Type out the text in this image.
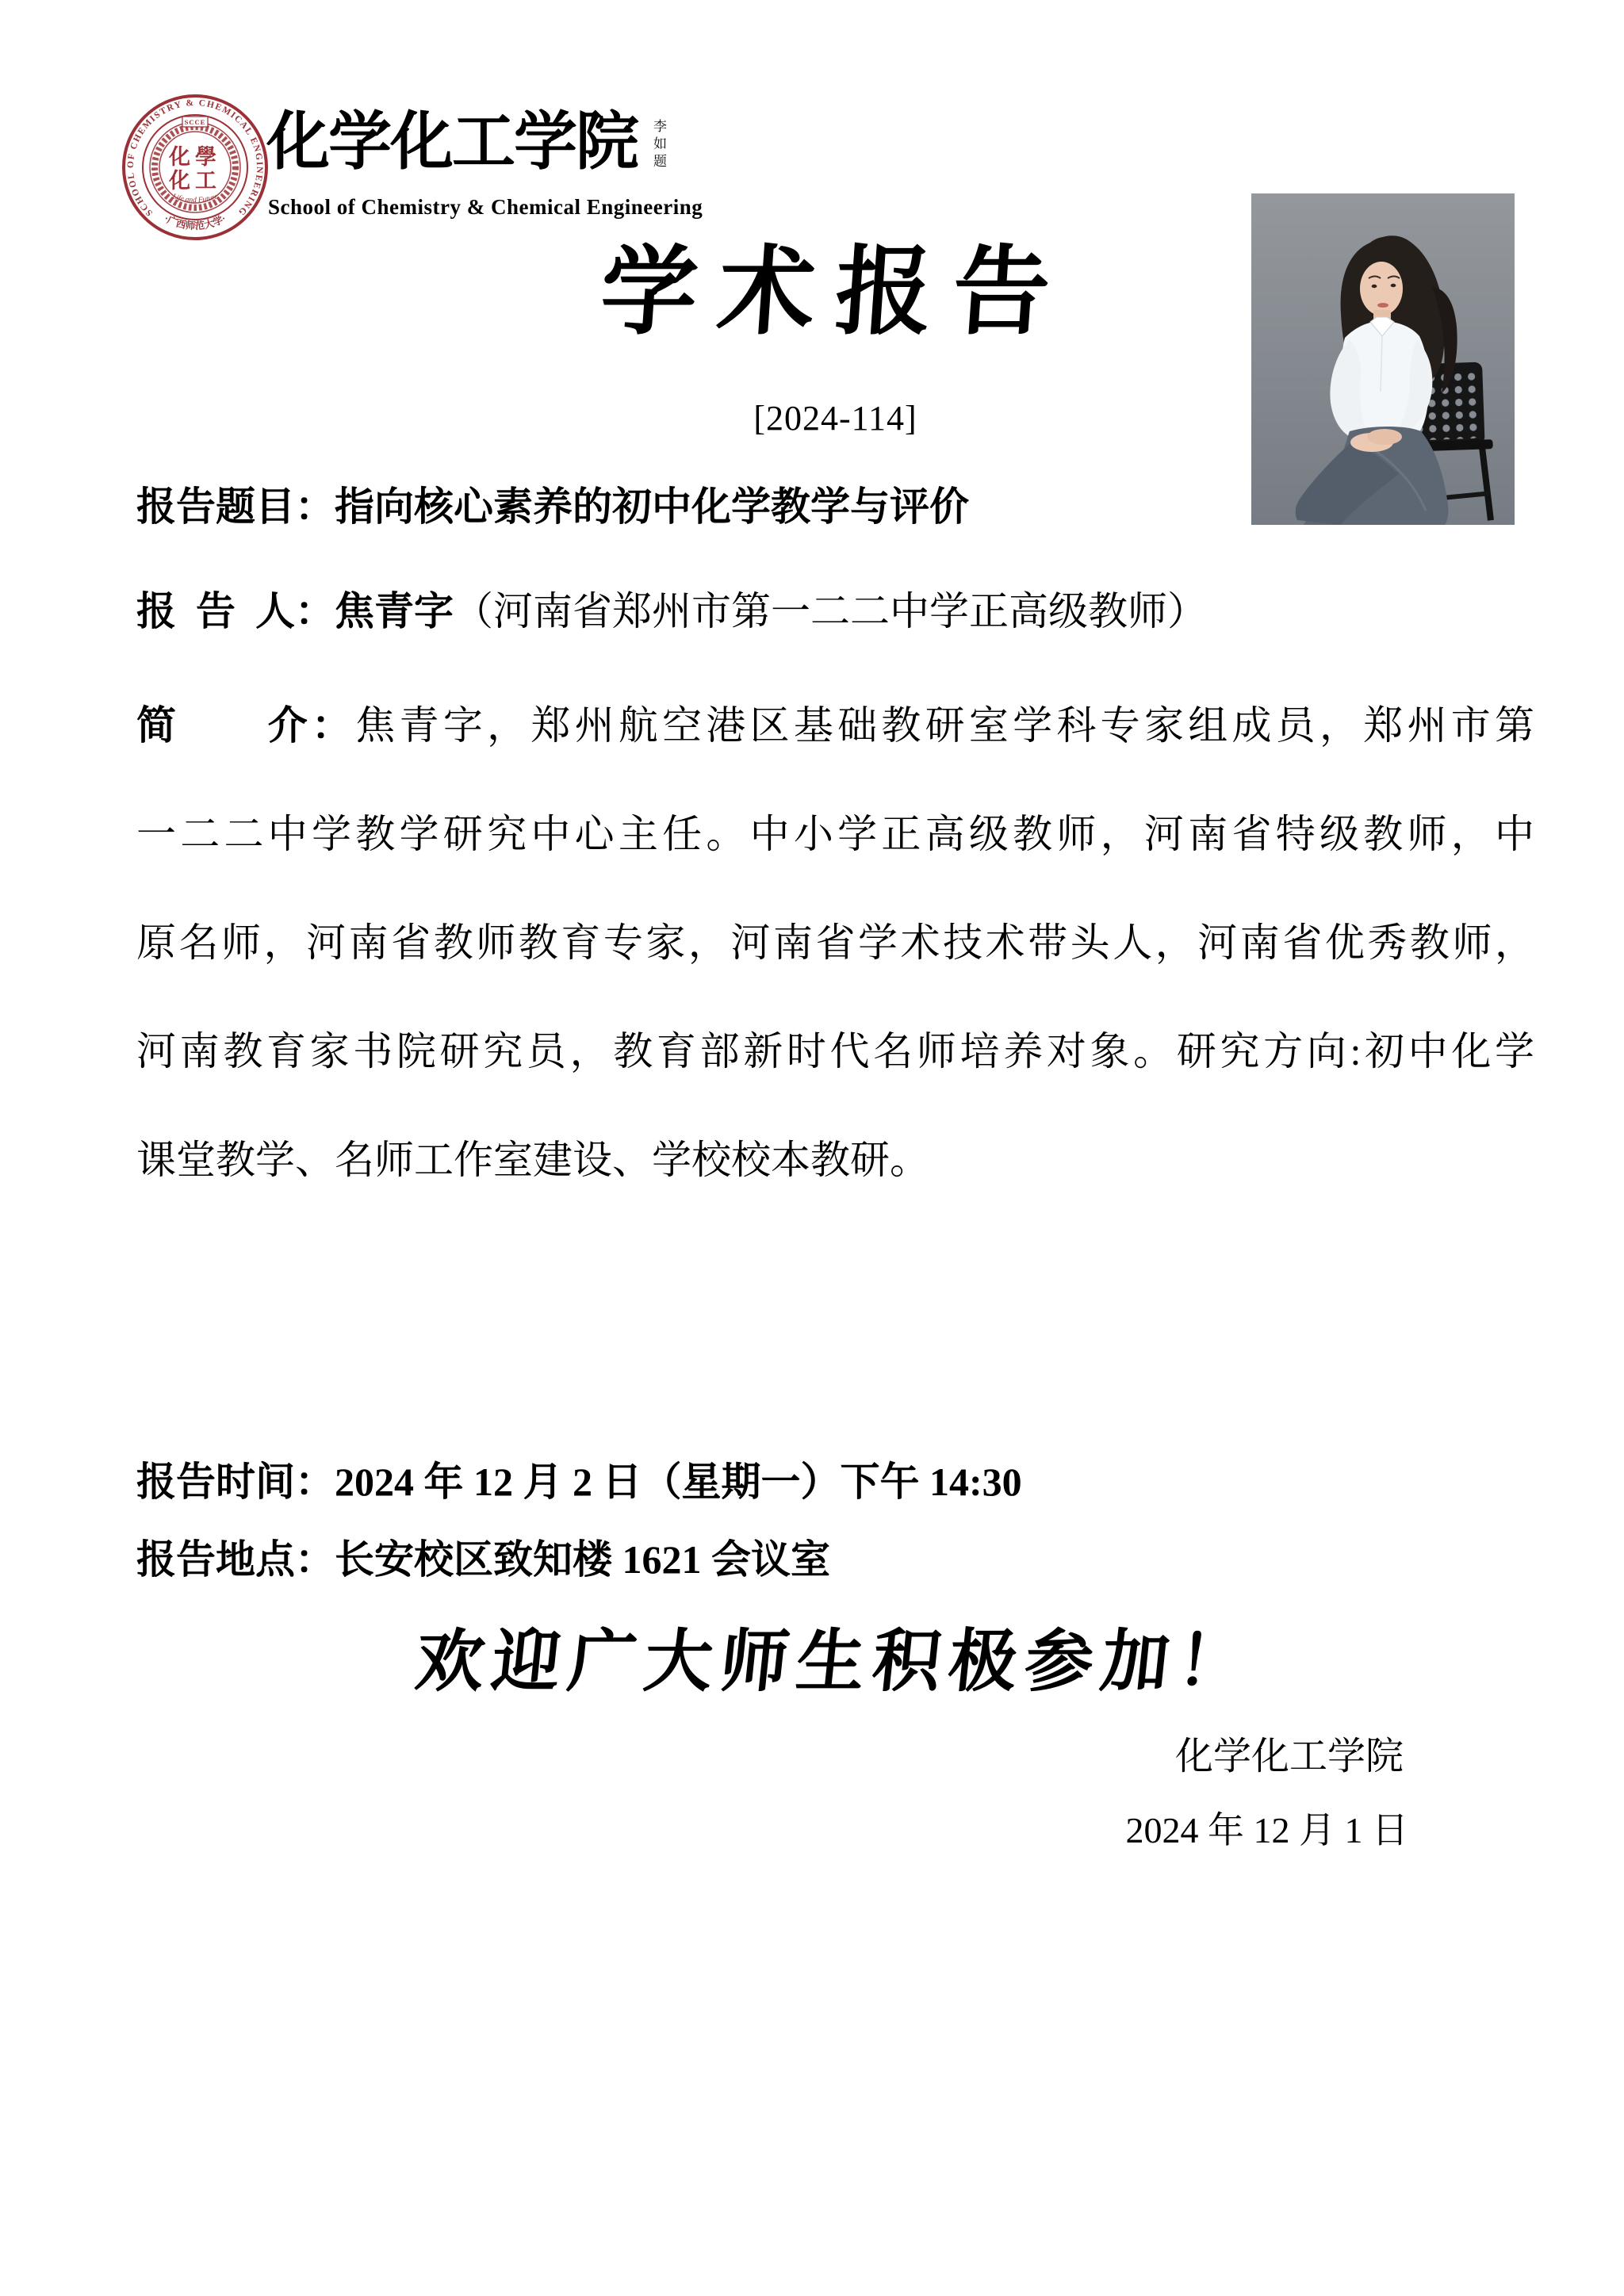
SCHOOL OF CHEMISTRY & CHEMICAL ENGINEERING
·广西师范大学·
SCCE
化學
化工
Life and Future
化学化工学院
School of Chemistry & Chemical Engineering
李如题
学术报告
[2024-114]
报告题目：指向核心素养的初中化学教学与评价
报 告 人：焦青字（河南省郑州市第一二二中学正高级教师）
简　　介：焦青字，郑州航空港区基础教研室学科专家组成员，郑州市第
一二二中学教学研究中心主任。中小学正高级教师，河南省特级教师，中
原名师，河南省教师教育专家，河南省学术技术带头人，河南省优秀教师，
河南教育家书院研究员，教育部新时代名师培养对象。研究方向:初中化学
课堂教学、名师工作室建设、学校校本教研。
报告时间：2024 年 12 月 2 日（星期一）下午 14:30
报告地点：长安校区致知楼 1621 会议室
欢迎广大师生积极参加！
化学化工学院
2024 年 12 月 1 日
